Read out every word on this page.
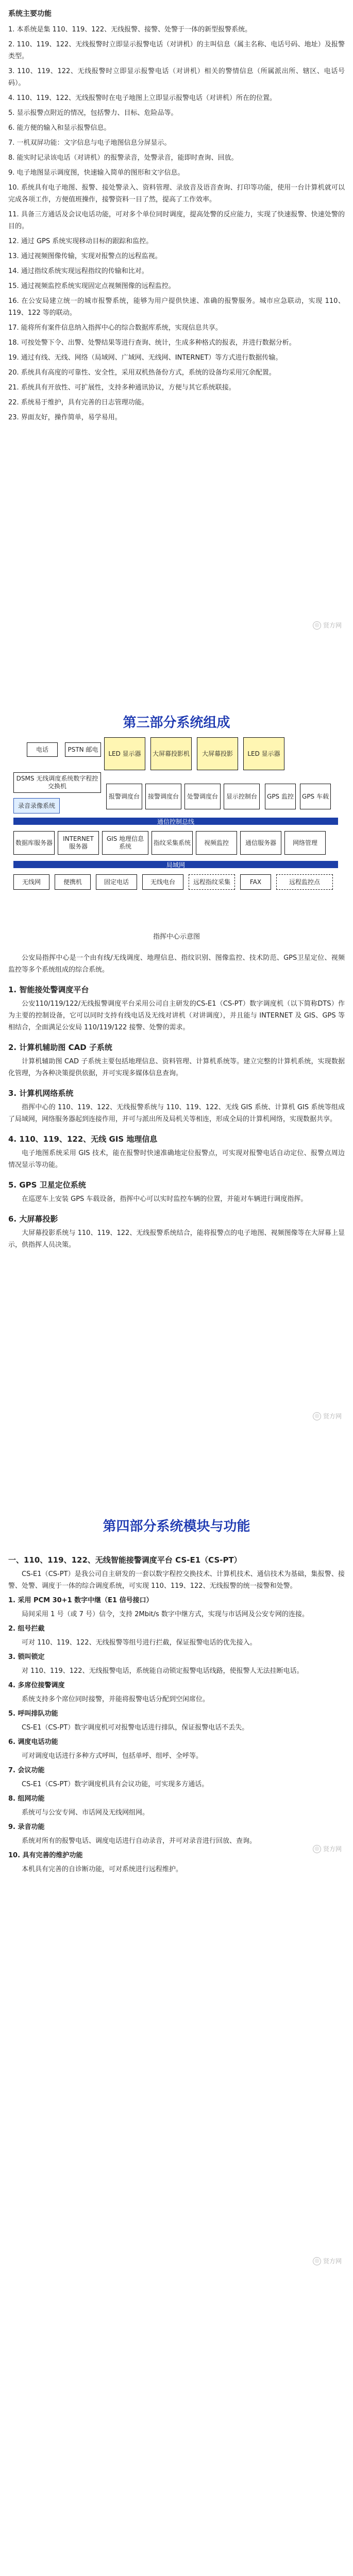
系统主要功能
1. 本系统是集 110、119、122、无线报警、接警、处警于一体的新型报警系统。
2. 110、119、122、无线报警时立即显示报警电话（对讲机）的主叫信息（属主名称、电话号码、地址）及报警类型。
3. 110、119、122、无线报警时立即显示报警电话（对讲机）相关的警情信息（所属派出所、辖区、电话号码）。
4. 110、119、122、无线报警时在电子地图上立即显示报警电话（对讲机）所在的位置。
5. 显示报警点附近的情况，包括警力、目标、危险品等。
6. 能方便的输入和显示报警信息。
7. 一机双屏功能：文字信息与电子地图信息分屏显示。
8. 能实时记录该电话（对讲机）的报警录音，处警录音，能即时查询、回放。
9. 电子地图显示调度图，快速输入简单的图形和文字信息。
10. 系统具有电子地图、报警、接处警录入、资料管理、录放音及语音查询、打印等功能，使用一台计算机就可以完成各项工作，方便值班操作，接警资料一目了然，提高了工作效率。
11. 具备三方通话及会议电话功能，可对多个单位同时调度，提高处警的反应能力，实现了快速报警、快速处警的目的。
12. 通过 GPS 系统实现移动目标的跟踪和监控。
13. 通过视频图像传输，实现对报警点的远程监视。
14. 通过指纹系统实现远程指纹的传输和比对。
15. 通过视频监控系统实现固定点视频图像的远程监控。
16. 在公安局建立统一的城市报警系统，能够为用户提供快速、准确的报警服务。城市应急联动，实现 110、119、122 等的联动。
17. 能将所有案件信息纳入指挥中心的综合数据库系统，实现信息共享。
18. 可按处警下令、出警、处警结果等进行查询、统计，生成多种格式的报表，并进行数据分析。
19. 通过有线、无线、网络（局域网、广域网、无线网、INTERNET）等方式进行数据传输。
20. 系统具有高度的可靠性、安全性，采用双机热备份方式，系统的设备均采用冗余配置。
21. 系统具有开放性、可扩展性，支持多种通讯协议，方便与其它系统联接。
22. 系统易于维护，具有完善的日志管理功能。
23. 界面友好，操作简单，易学易用。
◎ 贤方网
第三部分系统组成
电话	PSTN 邮电
LED 显示器	大屏幕投影机	大屏幕投影	LED 显示器
DSMS 无线调度系统数字程控交换机
录音录像系统
报警调度台	接警调度台	处警调度台	显示控制台	GPS 监控	GPS 车载
通信控制总线
数据库服务器
INTERNET 服务器
GIS 地理信息系统
指纹采集系统	视频监控	通信服务器	网络管理
局域网
无线网	便携机	固定电话	无线电台	远程指纹采集	FAX	远程监控点
指挥中心示意图
公安局指挥中心是一个由有线/无线调度、地理信息、指纹识别、图像监控、技术防范、GPS卫星定位、视频监控等多个系统组成的综合系统。
1. 智能接处警调度平台
公安110/119/122/无线报警调度平台采用公司自主研发的CS-E1（CS-PT）数字调度机（以下简称DTS）作为主要的控制设备，它可以同时支持有线电话及无线对讲机（对讲调度），并且能与 INTERNET 及 GIS、GPS 等相结合，全面满足公安局 110/119/122 接警、处警的需求。
2. 计算机辅助图 CAD 子系统
计算机辅助图 CAD 子系统主要包括地理信息、资料管理、计算机系统等。建立完整的计算机系统，实现数据化管理，为各种决策提供依据，并可实现多媒体信息查询。
3. 计算机网络系统
指挥中心的 110、119、122、无线报警系统与 110、119、122、无线 GIS 系统、计算机 GIS 系统等组成了局域网，网络服务器起到连接作用，并可与派出所及局机关等相连，形成全局的计算机网络，实现数据共享。
4. 110、119、122、无线 GIS 地理信息
电子地图系统采用 GIS 技术，能在报警时快速准确地定位报警点，可实现对报警电话自动定位、报警点周边情况显示等功能。
5. GPS 卫星定位系统
在巡逻车上安装 GPS 车载设备，指挥中心可以实时监控车辆的位置，并能对车辆进行调度指挥。
6. 大屏幕投影
大屏幕投影系统与 110、119、122、无线报警系统结合，能将报警点的电子地图、视频图像等在大屏幕上显示，供指挥人员决策。
◎ 贤方网
第四部分系统模块与功能
一、110、119、122、无线智能接警调度平台 CS-E1（CS-PT）
CS-E1（CS-PT）是我公司自主研发的一套以数字程控交换技术、计算机技术、通信技术为基础，集报警、接警、处警、调度于一体的综合调度系统，可实现 110、119、122、无线报警的统一接警和处警。
1. 采用 PCM 30+1 数字中继（E1 信号接口）
局间采用 1 号（或 7 号）信令，支持 2Mbit/s 数字中继方式，实现与市话网及公安专网的连接。
2. 组号拦截
可对 110、119、122、无线报警等组号进行拦截，保证报警电话的优先接入。
3. 锁叫锁定
对 110、119、122、无线报警电话，系统能自动锁定报警电话线路，使报警人无法挂断电话。
4. 多席位接警调度
系统支持多个席位同时接警，并能将报警电话分配到空闲席位。
5. 呼叫排队功能
CS-E1（CS-PT）数字调度机可对报警电话进行排队，保证报警电话不丢失。
6. 调度电话功能
可对调度电话进行多种方式呼叫，包括单呼、组呼、全呼等。
7. 会议功能
CS-E1（CS-PT）数字调度机具有会议功能，可实现多方通话。
8. 组网功能
系统可与公安专网、市话网及无线网组网。
9. 录音功能
系统对所有的报警电话、调度电话进行自动录音，并可对录音进行回放、查询。
10. 具有完善的维护功能
本机具有完善的自诊断功能，可对系统进行远程维护。
◎ 贤方网
◎ 贤方网
